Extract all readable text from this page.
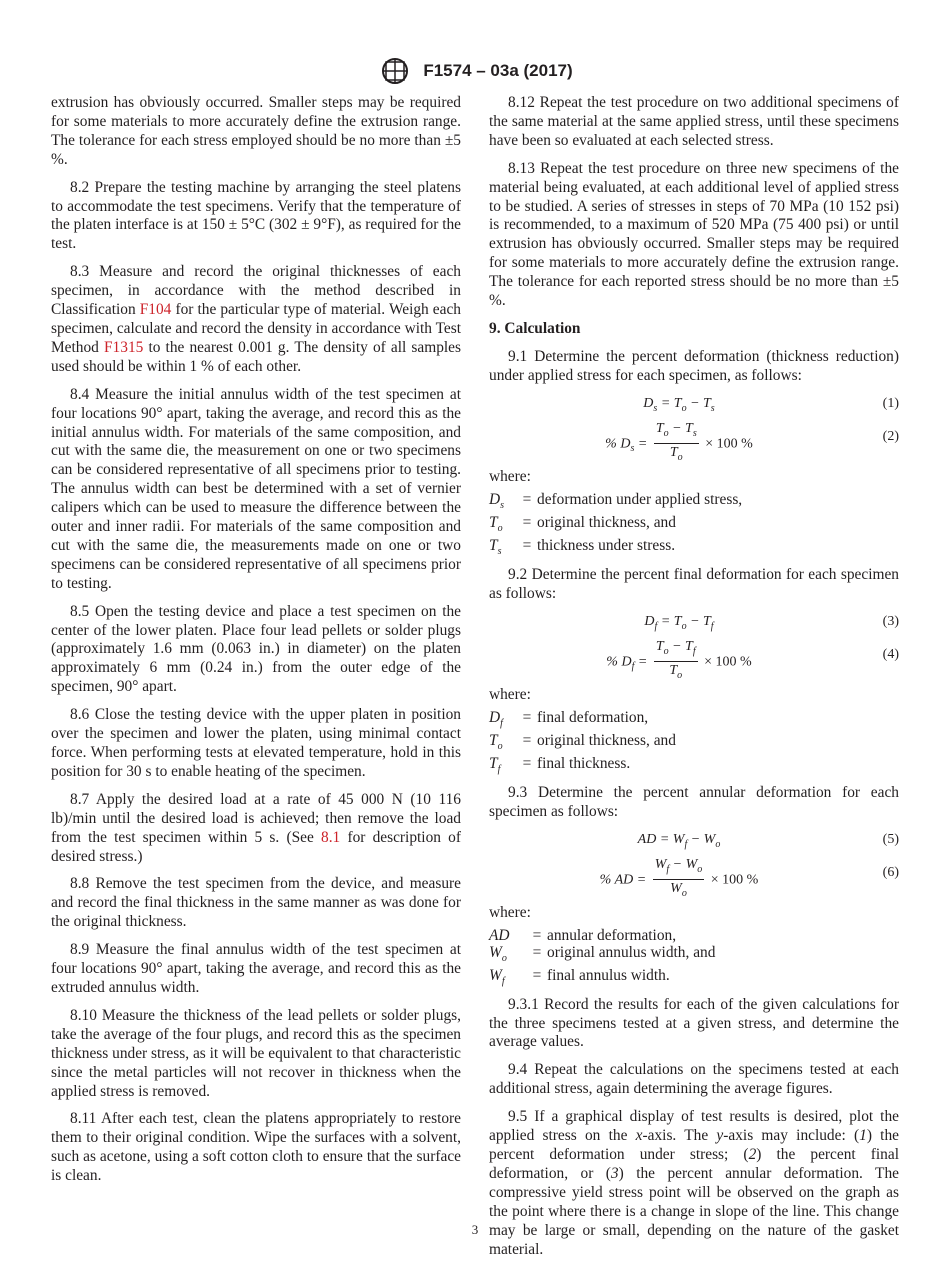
F1574 – 03a (2017)

extrusion has obviously occurred. Smaller steps may be required for some materials to more accurately define the extrusion range. The tolerance for each stress employed should be no more than ±5 %.

8.2 Prepare the testing machine by arranging the steel platens to accommodate the test specimens. Verify that the temperature of the platen interface is at 150 ± 5°C (302 ± 9°F), as required for the test.

8.3 Measure and record the original thicknesses of each specimen, in accordance with the method described in Classification F104 for the particular type of material. Weigh each specimen, calculate and record the density in accordance with Test Method F1315 to the nearest 0.001 g. The density of all samples used should be within 1 % of each other.

8.4 Measure the initial annulus width of the test specimen at four locations 90° apart, taking the average, and record this as the initial annulus width. For materials of the same composition, and cut with the same die, the measurement on one or two specimens can be considered representative of all specimens prior to testing. The annulus width can best be determined with a set of vernier calipers which can be used to measure the difference between the outer and inner radii. For materials of the same composition and cut with the same die, the measurements made on one or two specimens can be considered representative of all specimens prior to testing.

8.5 Open the testing device and place a test specimen on the center of the lower platen. Place four lead pellets or solder plugs (approximately 1.6 mm (0.063 in.) in diameter) on the platen approximately 6 mm (0.24 in.) from the outer edge of the specimen, 90° apart.

8.6 Close the testing device with the upper platen in position over the specimen and lower the platen, using minimal contact force. When performing tests at elevated temperature, hold in this position for 30 s to enable heating of the specimen.

8.7 Apply the desired load at a rate of 45 000 N (10 116 lb)/min until the desired load is achieved; then remove the load from the test specimen within 5 s. (See 8.1 for description of desired stress.)

8.8 Remove the test specimen from the device, and measure and record the final thickness in the same manner as was done for the original thickness.

8.9 Measure the final annulus width of the test specimen at four locations 90° apart, taking the average, and record this as the extruded annulus width.

8.10 Measure the thickness of the lead pellets or solder plugs, take the average of the four plugs, and record this as the specimen thickness under stress, as it will be equivalent to that characteristic since the metal particles will not recover in thickness when the applied stress is removed.

8.11 After each test, clean the platens appropriately to restore them to their original condition. Wipe the surfaces with a solvent, such as acetone, using a soft cotton cloth to ensure that the surface is clean.

8.12 Repeat the test procedure on two additional specimens of the same material at the same applied stress, until these specimens have been so evaluated at each selected stress.

8.13 Repeat the test procedure on three new specimens of the material being evaluated, at each additional level of applied stress to be studied. A series of stresses in steps of 70 MPa (10 152 psi) is recommended, to a maximum of 520 MPa (75 400 psi) or until extrusion has obviously occurred. Smaller steps may be required for some materials to more accurately define the extrusion range. The tolerance for each reported stress should be no more than ±5 %.

9. Calculation

9.1 Determine the percent deformation (thickness reduction) under applied stress for each specimen, as follows:

$D_s = T_o - T_s$	(1)
% $D_s = \frac{T_o - T_s}{T_o} \times 100$ %	(2)
where:
$D_s$	= deformation under applied stress,
$T_o$	= original thickness, and
$T_s$	= thickness under stress.

9.2 Determine the percent final deformation for each specimen as follows:

$D_f = T_o - T_f$	(3)
% $D_f = \frac{T_o - T_f}{T_o} \times 100$ %	(4)
where:
$D_f$	= final deformation,
$T_o$	= original thickness, and
$T_f$	= final thickness.

9.3 Determine the percent annular deformation for each specimen as follows:

AD = $W_f - W_o$	(5)
% AD = $\frac{W_f - W_o}{W_o} \times 100$ %	(6)
where:
AD	= annular deformation,
$W_o$	= original annulus width, and
$W_f$	= final annulus width.

9.3.1 Record the results for each of the given calculations for the three specimens tested at a given stress, and determine the average values.

9.4 Repeat the calculations on the specimens tested at each additional stress, again determining the average figures.

9.5 If a graphical display of test results is desired, plot the applied stress on the x-axis. The y-axis may include: (1) the percent deformation under stress; (2) the percent final deformation, or (3) the percent annular deformation. The compressive yield stress point will be observed on the graph as the point where there is a change in slope of the line. This change may be large or small, depending on the nature of the gasket material.

3
